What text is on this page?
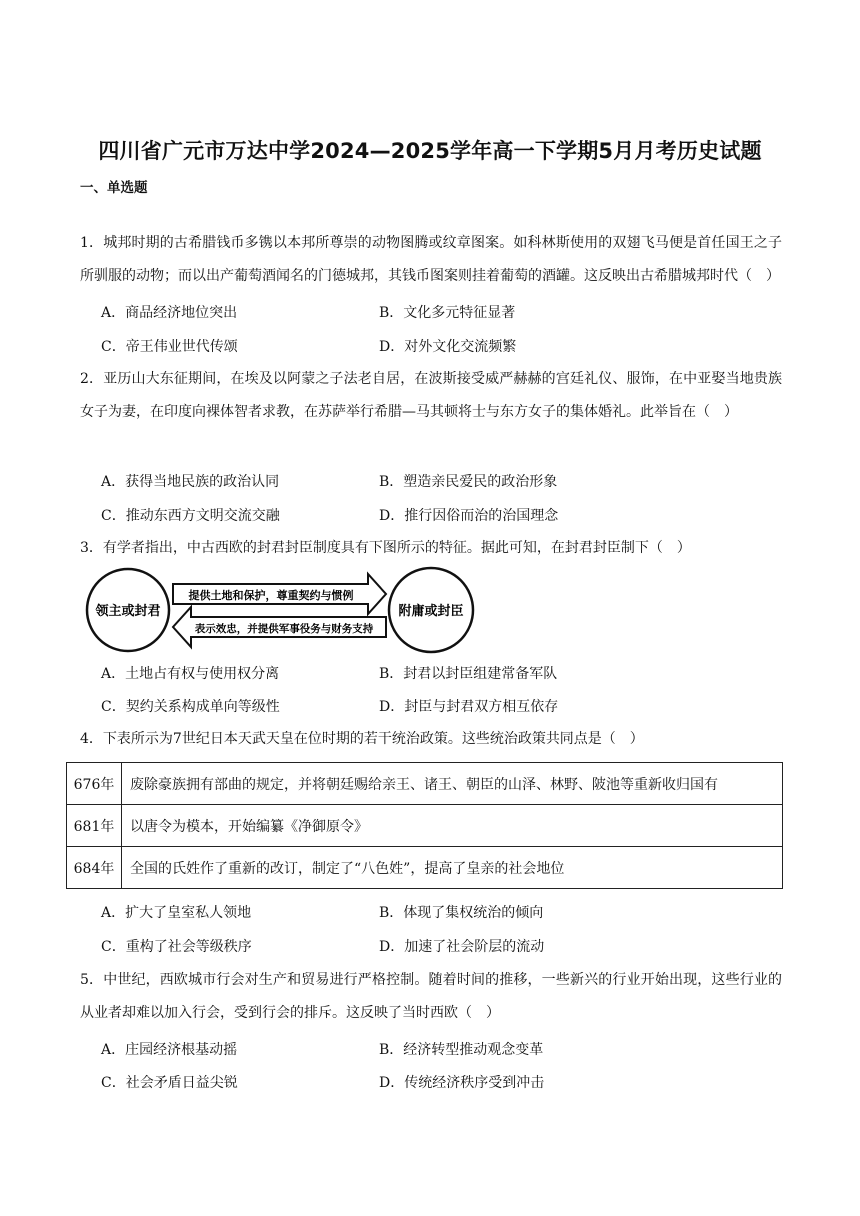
四川省广元市万达中学2024—2025学年高一下学期5月月考历史试题
一、单选题
1．城邦时期的古希腊钱币多镌以本邦所尊崇的动物图腾或纹章图案。如科林斯使用的双翅飞马便是首任国王之子所驯服的动物；而以出产葡萄酒闻名的门德城邦，其钱币图案则挂着葡萄的酒罐。这反映出古希腊城邦时代（　）
A．商品经济地位突出	B．文化多元特征显著
C．帝王伟业世代传颂	D．对外文化交流频繁
2．亚历山大东征期间，在埃及以阿蒙之子法老自居，在波斯接受威严赫赫的宫廷礼仪、服饰，在中亚娶当地贵族女子为妻，在印度向裸体智者求教，在苏萨举行希腊—马其顿将士与东方女子的集体婚礼。此举旨在（　）
A．获得当地民族的政治认同	B．塑造亲民爱民的政治形象
C．推动东西方文明交流交融	D．推行因俗而治的治国理念
3．有学者指出，中古西欧的封君封臣制度具有下图所示的特征。据此可知，在封君封臣制下（　）
领主或封君	附庸或封臣
提供土地和保护，尊重契约与惯例
表示效忠，并提供军事役务与财务支持
A．土地占有权与使用权分离	B．封君以封臣组建常备军队
C．契约关系构成单向等级性	D．封臣与封君双方相互依存
4．下表所示为7世纪日本天武天皇在位时期的若干统治政策。这些统治政策共同点是（　）
676年	废除豪族拥有部曲的规定，并将朝廷赐给亲王、诸王、朝臣的山泽、林野、陂池等重新收归国有
681年	以唐令为模本，开始编纂《净御原令》
684年	全国的氏姓作了重新的改订，制定了“八色姓”，提高了皇亲的社会地位
A．扩大了皇室私人领地	B．体现了集权统治的倾向
C．重构了社会等级秩序	D．加速了社会阶层的流动
5．中世纪，西欧城市行会对生产和贸易进行严格控制。随着时间的推移，一些新兴的行业开始出现，这些行业的从业者却难以加入行会，受到行会的排斥。这反映了当时西欧（　）
A．庄园经济根基动摇	B．经济转型推动观念变革
C．社会矛盾日益尖锐	D．传统经济秩序受到冲击
